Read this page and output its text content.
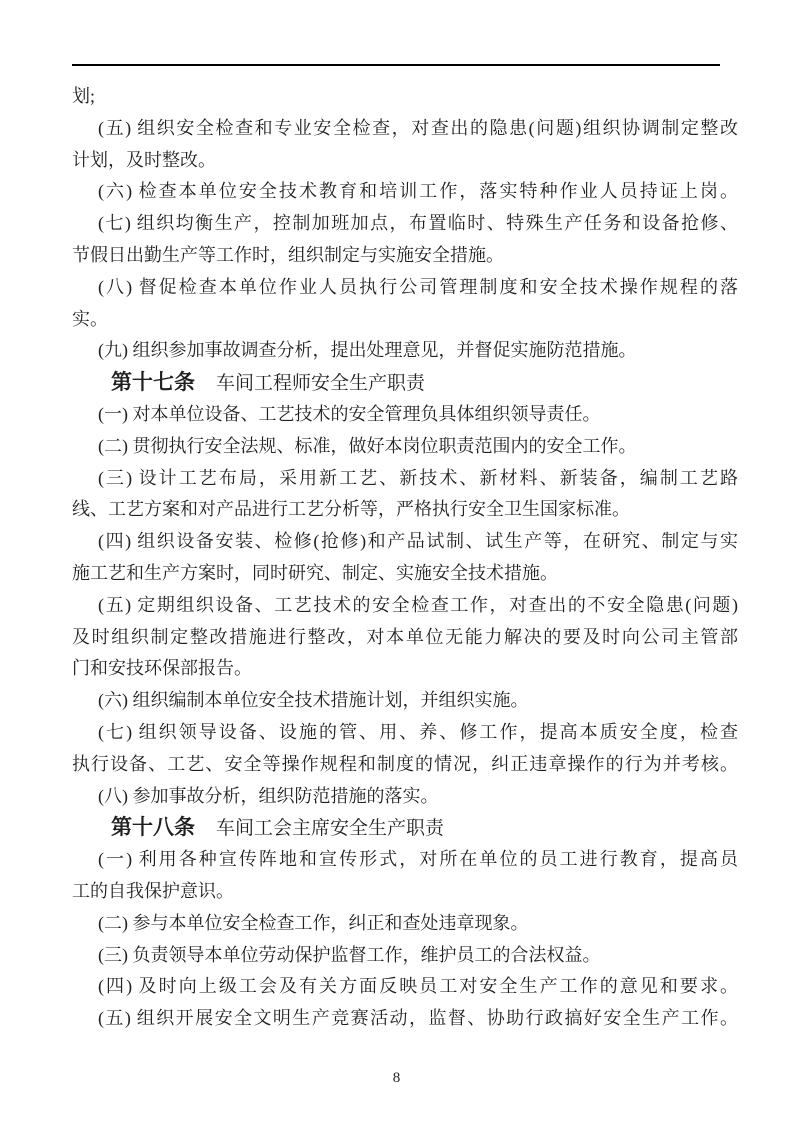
划;
(五) 组织安全检查和专业安全检查，对查出的隐患(问题)组织协调制定整改
计划，及时整改。
(六) 检查本单位安全技术教育和培训工作，落实特种作业人员持证上岗。
(七) 组织均衡生产，控制加班加点，布置临时、特殊生产任务和设备抢修、
节假日出勤生产等工作时，组织制定与实施安全措施。
(八) 督促检查本单位作业人员执行公司管理制度和安全技术操作规程的落
实。
(九) 组织参加事故调查分析，提出处理意见，并督促实施防范措施。
第十七条 车间工程师安全生产职责
(一) 对本单位设备、工艺技术的安全管理负具体组织领导责任。
(二) 贯彻执行安全法规、标准，做好本岗位职责范围内的安全工作。
(三) 设计工艺布局，采用新工艺、新技术、新材料、新装备，编制工艺路
线、工艺方案和对产品进行工艺分析等，严格执行安全卫生国家标准。
(四) 组织设备安装、检修(抢修)和产品试制、试生产等，在研究、制定与实
施工艺和生产方案时，同时研究、制定、实施安全技术措施。
(五) 定期组织设备、工艺技术的安全检查工作，对查出的不安全隐患(问题)
及时组织制定整改措施进行整改，对本单位无能力解决的要及时向公司主管部
门和安技环保部报告。
(六) 组织编制本单位安全技术措施计划，并组织实施。
(七) 组织领导设备、设施的管、用、养、修工作，提高本质安全度，检查
执行设备、工艺、安全等操作规程和制度的情况，纠正违章操作的行为并考核。
(八) 参加事故分析，组织防范措施的落实。
第十八条 车间工会主席安全生产职责
(一) 利用各种宣传阵地和宣传形式，对所在单位的员工进行教育，提高员
工的自我保护意识。
(二) 参与本单位安全检查工作，纠正和查处违章现象。
(三) 负责领导本单位劳动保护监督工作，维护员工的合法权益。
(四) 及时向上级工会及有关方面反映员工对安全生产工作的意见和要求。
(五) 组织开展安全文明生产竞赛活动，监督、协助行政搞好安全生产工作。
8
